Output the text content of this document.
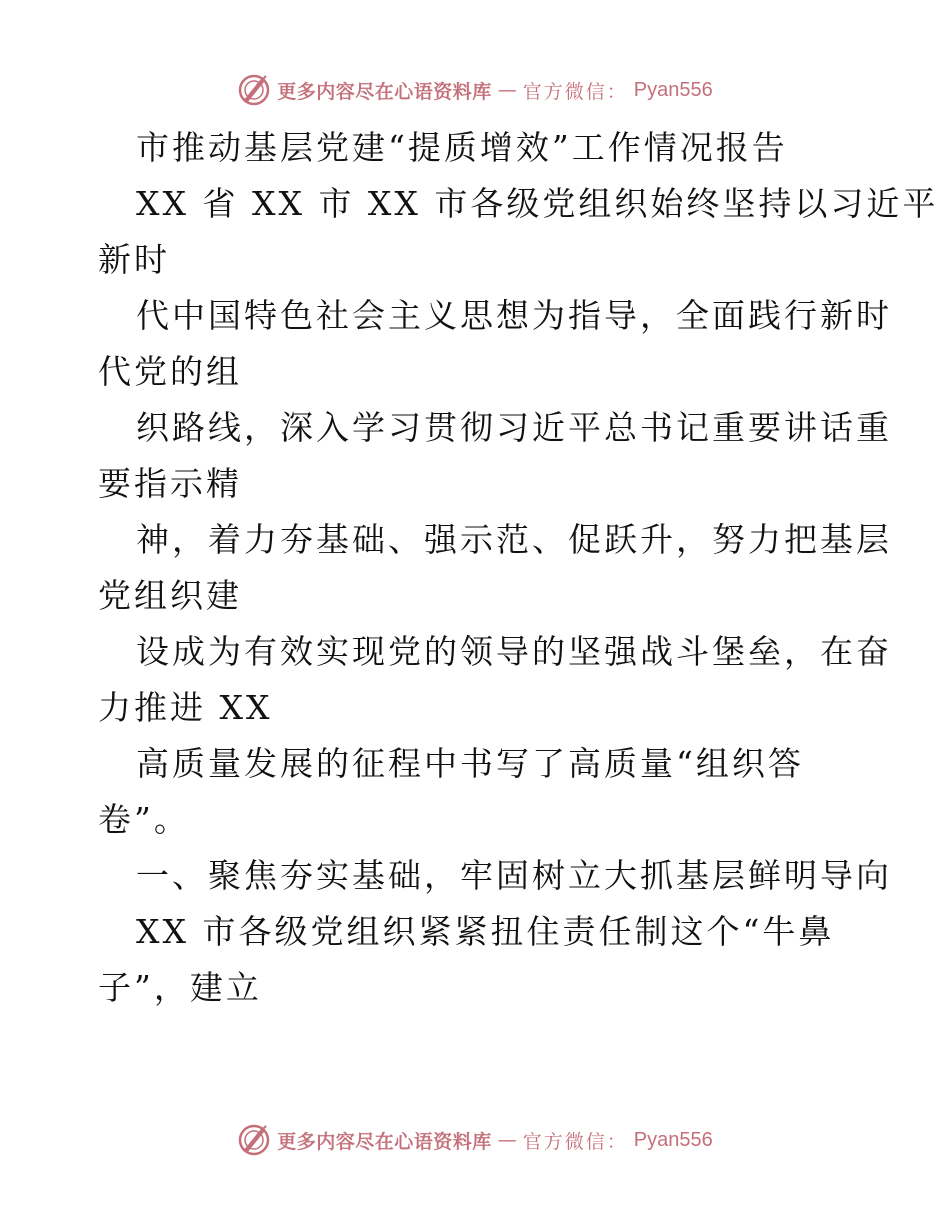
更多内容尽在心语资料库 — 官方微信： Pyan556
市推动基层党建“提质增效”工作情况报告
XX 省 XX 市 XX 市各级党组织始终坚持以习近平
新时
代中国特色社会主义思想为指导，全面践行新时
代党的组
织路线，深入学习贯彻习近平总书记重要讲话重
要指示精
神，着力夯基础、强示范、促跃升，努力把基层
党组织建
设成为有效实现党的领导的坚强战斗堡垒，在奋
力推进 XX
高质量发展的征程中书写了高质量“组织答
卷”。
一、聚焦夯实基础，牢固树立大抓基层鲜明导向
XX 市各级党组织紧紧扭住责任制这个“牛鼻
子”，建立
更多内容尽在心语资料库 — 官方微信： Pyan556
